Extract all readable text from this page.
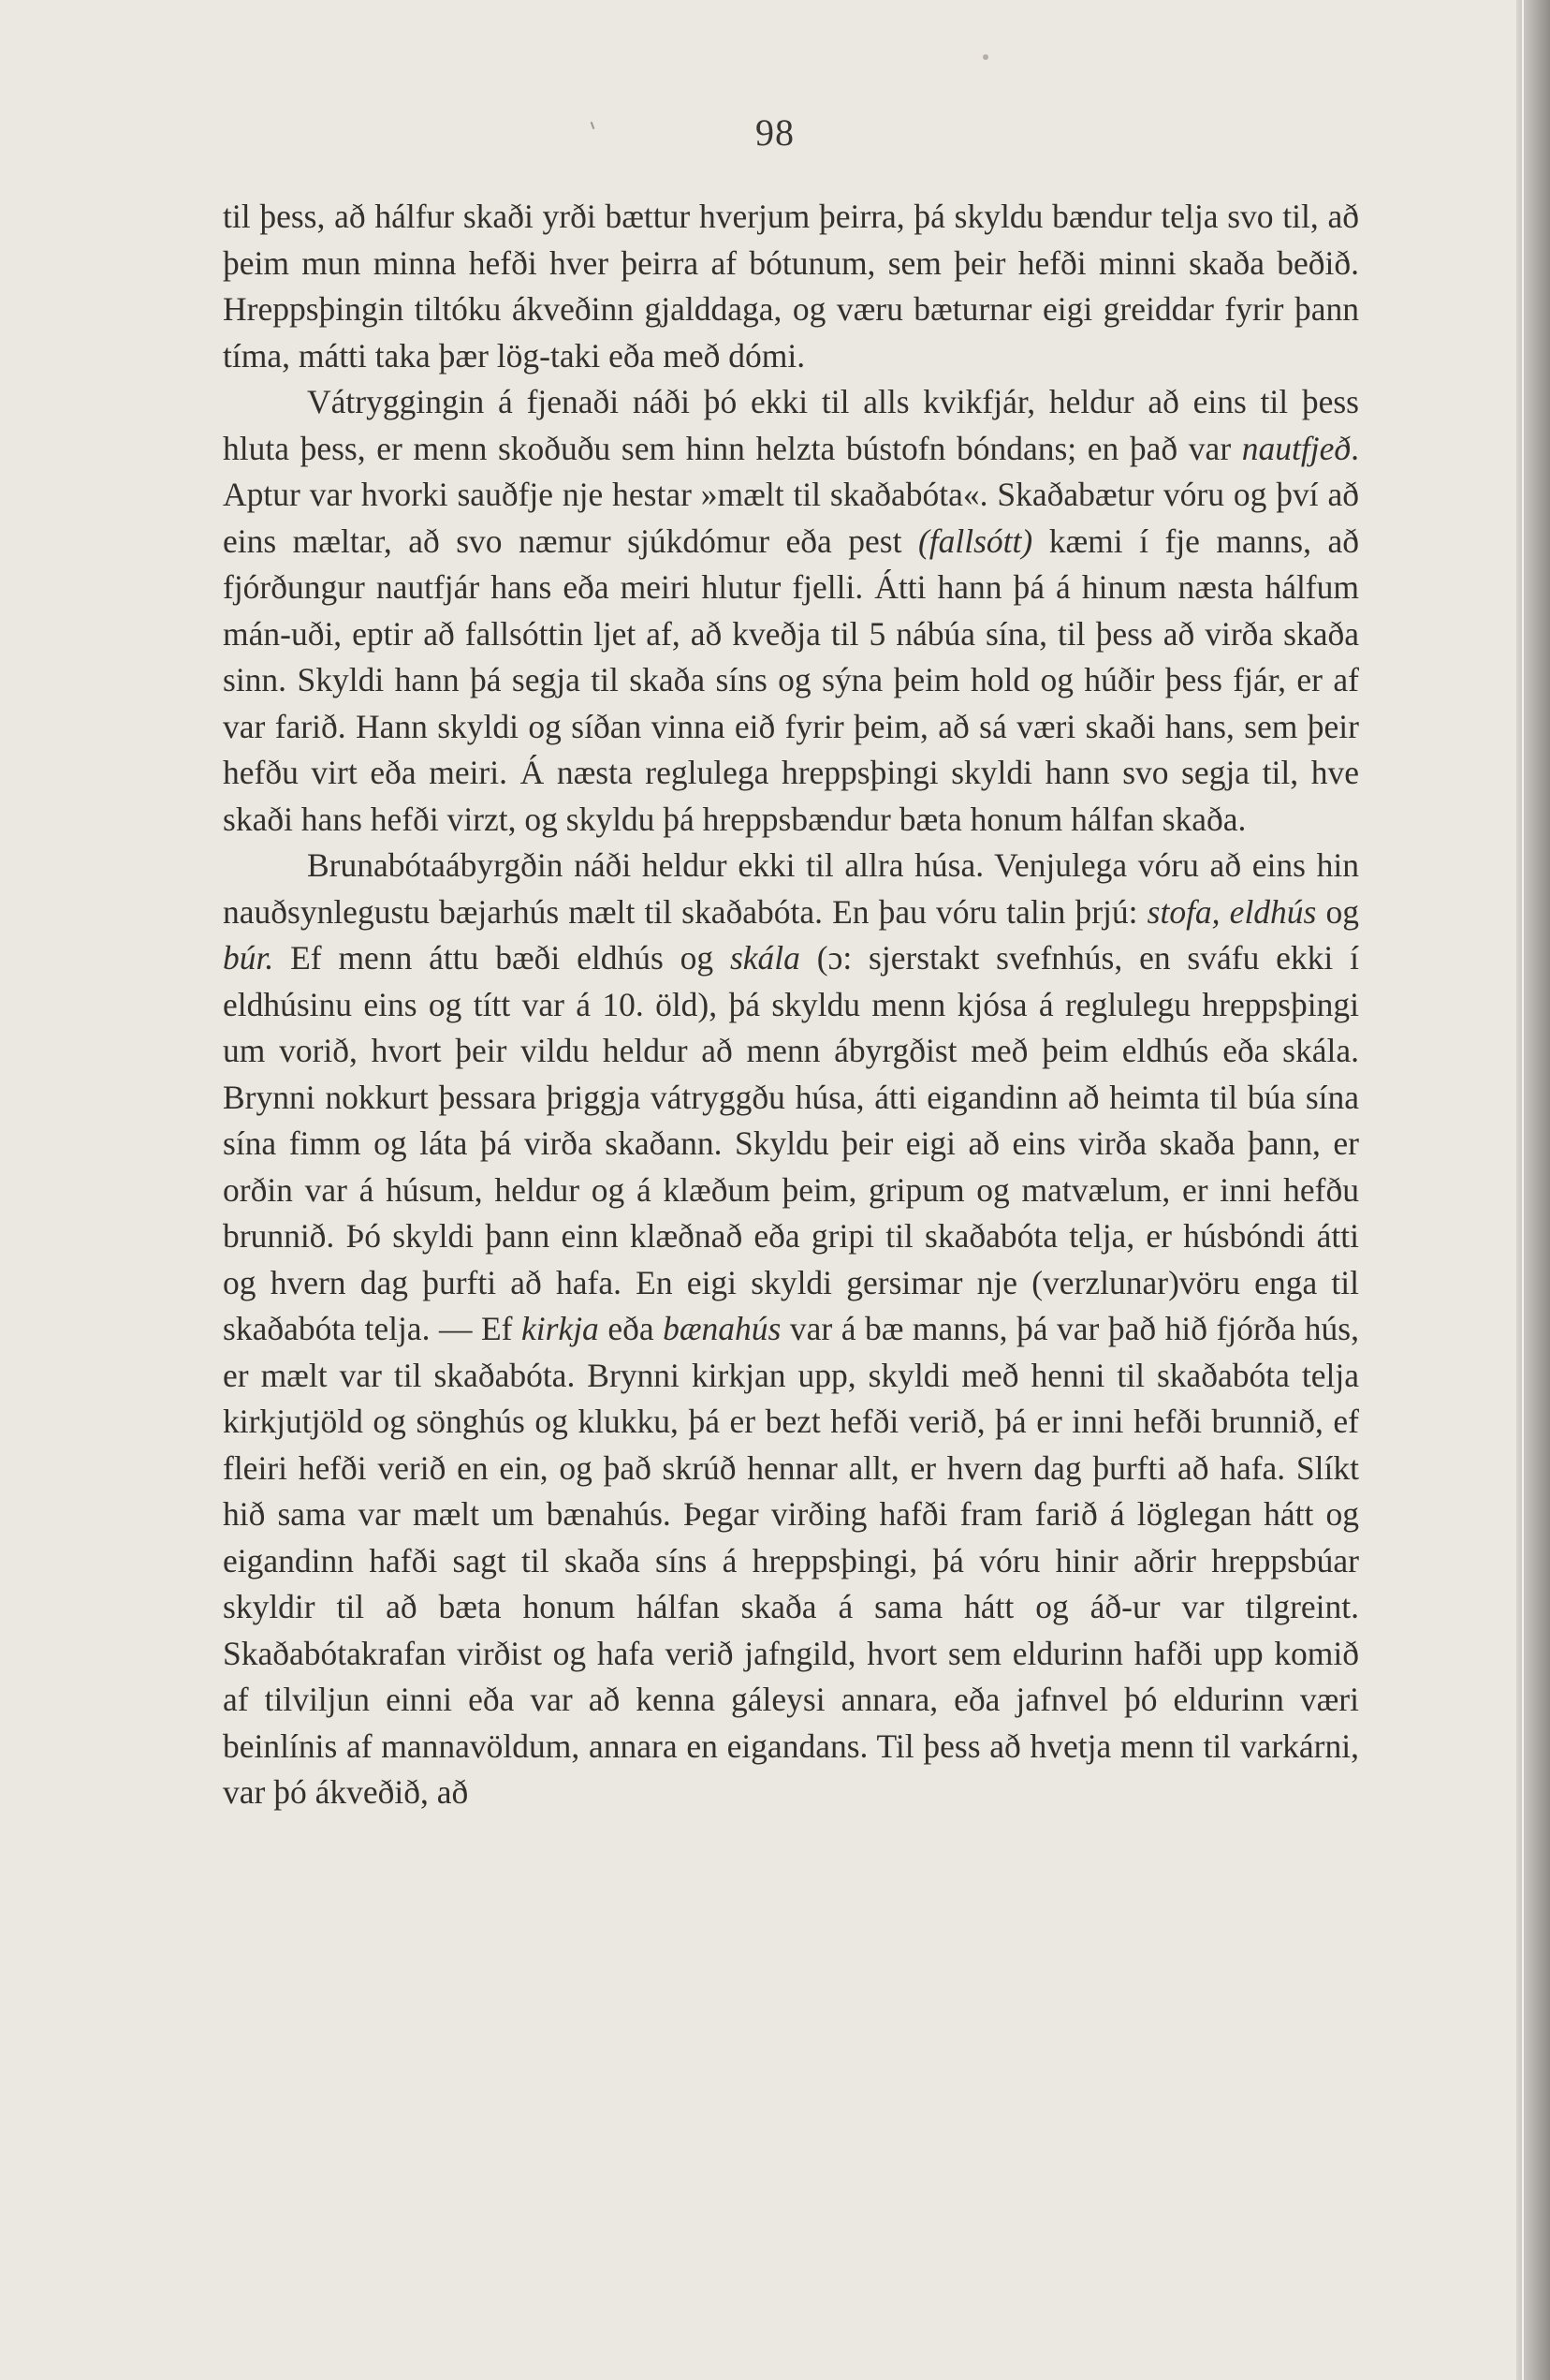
98

til þess, að hálfur skaði yrði bættur hverjum þeirra, þá skyldu bændur telja svo til, að þeim mun minna hefði hver þeirra af bótunum, sem þeir hefði minni skaða beðið. Hreppsþingin tiltóku ákveðinn gjalddaga, og væru bæturnar eigi greiddar fyrir þann tíma, mátti taka þær lög-taki eða með dómi.

Vátryggingin á fjenaði náði þó ekki til alls kvikfjár, heldur að eins til þess hluta þess, er menn skoðuðu sem hinn helzta bústofn bóndans; en það var nautfjeð. Aptur var hvorki sauðfje nje hestar »mælt til skaðabóta«. Skaðabætur vóru og því að eins mæltar, að svo næmur sjúkdómur eða pest (fallsótt) kæmi í fje manns, að fjórðungur nautfjár hans eða meiri hlutur fjelli. Átti hann þá á hinum næsta hálfum mán-uði, eptir að fallsóttin ljet af, að kveðja til 5 nábúa sína, til þess að virða skaða sinn. Skyldi hann þá segja til skaða síns og sýna þeim hold og húðir þess fjár, er af var farið. Hann skyldi og síðan vinna eið fyrir þeim, að sá væri skaði hans, sem þeir hefðu virt eða meiri. Á næsta reglulega hreppsþingi skyldi hann svo segja til, hve skaði hans hefði virzt, og skyldu þá hreppsbændur bæta honum hálfan skaða.

Brunabótaábyrgðin náði heldur ekki til allra húsa. Venjulega vóru að eins hin nauðsynlegustu bæjarhús mælt til skaðabóta. En þau vóru talin þrjú: stofa, eldhús og búr. Ef menn áttu bæði eldhús og skála (ɔ: sjerstakt svefnhús, en sváfu ekki í eldhúsinu eins og títt var á 10. öld), þá skyldu menn kjósa á reglulegu hreppsþingi um vorið, hvort þeir vildu heldur að menn ábyrgðist með þeim eldhús eða skála. Brynni nokkurt þessara þriggja vátryggðu húsa, átti eigandinn að heimta til búa sína sína fimm og láta þá virða skaðann. Skyldu þeir eigi að eins virða skaða þann, er orðin var á húsum, heldur og á klæðum þeim, gripum og matvælum, er inni hefðu brunnið. Þó skyldi þann einn klæðnað eða gripi til skaðabóta telja, er húsbóndi átti og hvern dag þurfti að hafa. En eigi skyldi gersimar nje (verzlunar)vöru enga til skaðabóta telja. — Ef kirkja eða bænahús var á bæ manns, þá var það hið fjórða hús, er mælt var til skaðabóta. Brynni kirkjan upp, skyldi með henni til skaðabóta telja kirkjutjöld og sönghús og klukku, þá er bezt hefði verið, þá er inni hefði brunnið, ef fleiri hefði verið en ein, og það skrúð hennar allt, er hvern dag þurfti að hafa. Slíkt hið sama var mælt um bænahús. Þegar virðing hafði fram farið á löglegan hátt og eigandinn hafði sagt til skaða síns á hreppsþingi, þá vóru hinir aðrir hreppsbúar skyldir til að bæta honum hálfan skaða á sama hátt og áð-ur var tilgreint. Skaðabótakrafan virðist og hafa verið jafngild, hvort sem eldurinn hafði upp komið af tilviljun einni eða var að kenna gáleysi annara, eða jafnvel þó eldurinn væri beinlínis af mannavöldum, annara en eigandans. Til þess að hvetja menn til varkárni, var þó ákveðið, að
